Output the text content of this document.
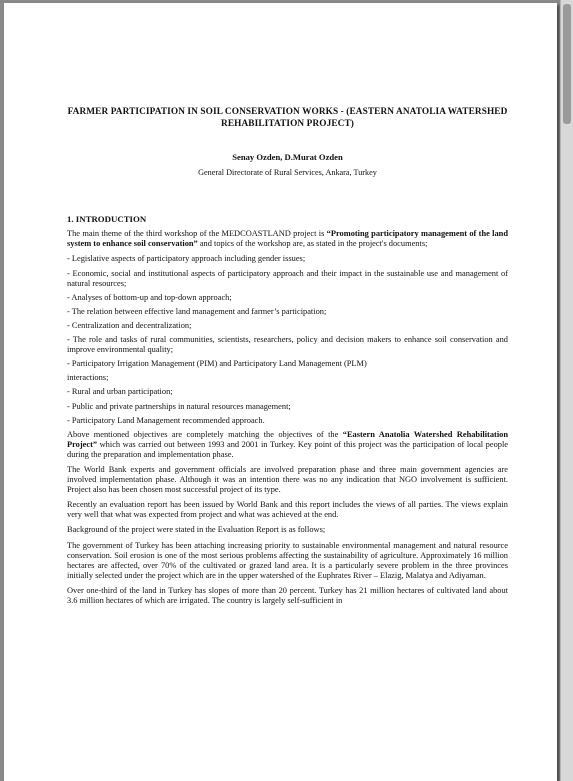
FARMER PARTICIPATION IN SOIL CONSERVATION WORKS - (EASTERN ANATOLIA WATERSHED REHABILITATION PROJECT)
Senay Ozden, D.Murat Ozden
General Directorate of Rural Services, Ankara, Turkey
1. INTRODUCTION

The main theme of the third workshop of the MEDCOASTLAND project is “Promoting participatory management of the land system to enhance soil conservation” and topics of the workshop are, as stated in the project's documents;

- Legislative aspects of participatory approach including gender issues;

- Economic, social and institutional aspects of participatory approach and their impact in the sustainable use and management of natural resources;

- Analyses of bottom-up and top-down approach;

- The relation between effective land management and farmer’s participation;

- Centralization and decentralization;

- The role and tasks of rural communities, scientists, researchers, policy and decision makers to enhance soil conservation and improve environmental quality;

- Participatory Irrigation Management (PIM) and Participatory Land Management (PLM)

interactions;

- Rural and urban participation;

- Public and private partnerships in natural resources management;

- Participatory Land Management recommended approach.

Above mentioned objectives are completely matching the objectives of the “Eastern Anatolia Watershed Rehabilitation Project” which was carried out between 1993 and 2001 in Turkey. Key point of this project was the participation of local people during the preparation and implementation phase.

The World Bank experts and government officials are involved preparation phase and three main government agencies are involved implementation phase. Although it was an intention there was no any indication that NGO involvement is sufficient. Project also has been chosen most successful project of its type.

Recently an evaluation report has been issued by World Bank and this report includes the views of all parties. The views explain very well that what was expected from project and what was achieved at the end.

Background of the project were stated in the Evaluation Report is as follows;

The government of Turkey has been attaching increasing priority to sustainable environmental management and natural resource conservation. Soil erosion is one of the most serious problems affecting the sustainability of agriculture. Approximately 16 million hectares are affected, over 70% of the cultivated or grazed land area. It is a particularly severe problem in the three provinces initially selected under the project which are in the upper watershed of the Euphrates River – Elazig, Malatya and Adiyaman.

Over one-third of the land in Turkey has slopes of more than 20 percent. Turkey has 21 million hectares of cultivated land about 3.6 million hectares of which are irrigated. The country is largely self-sufficient in
